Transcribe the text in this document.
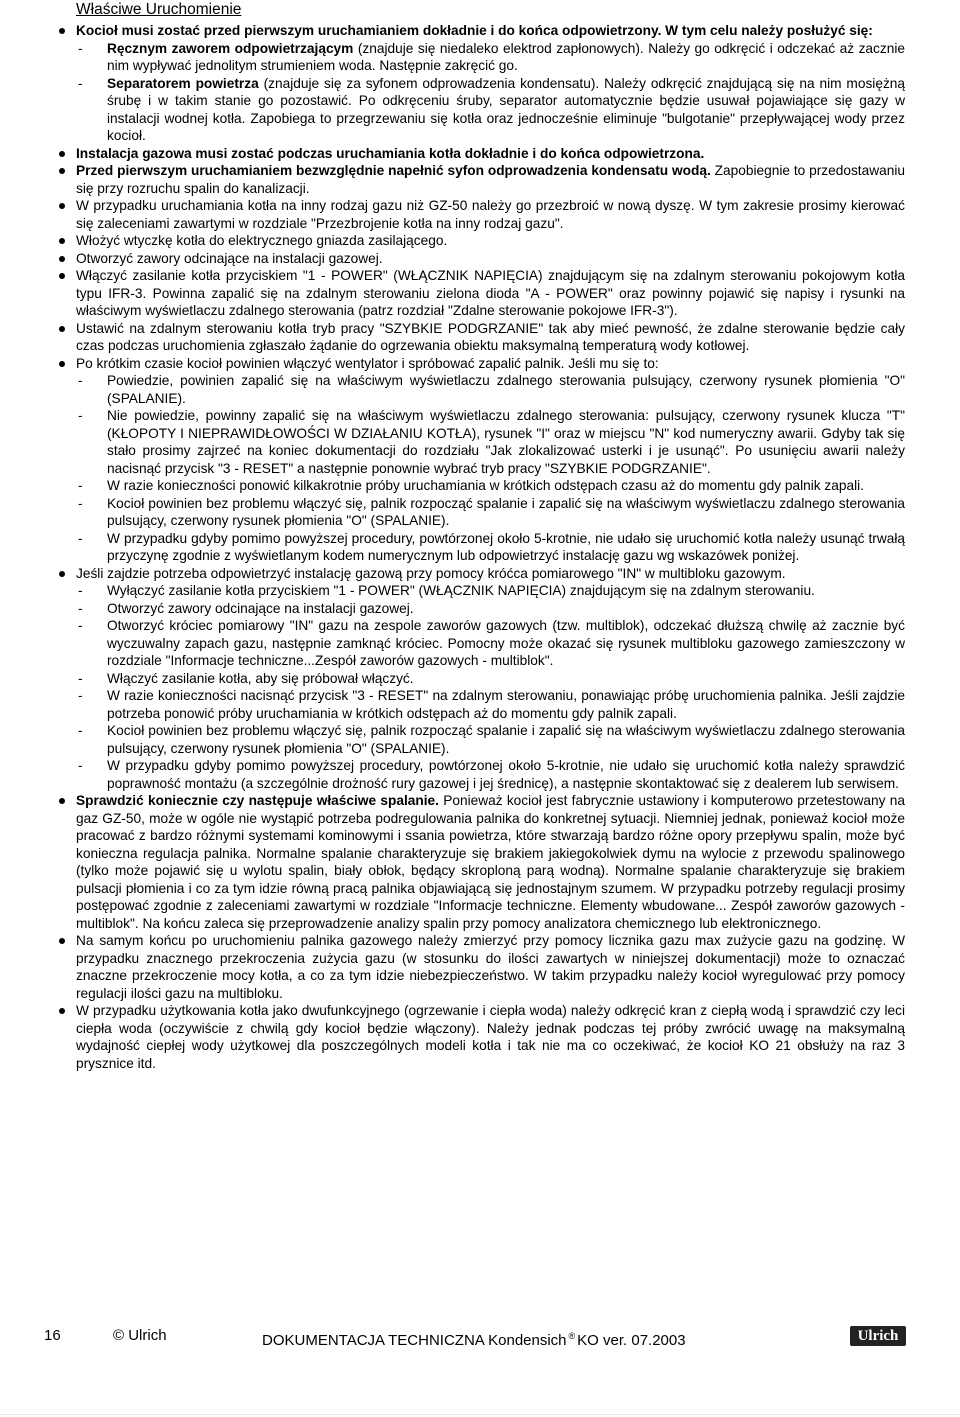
Właściwe Uruchomienie
Kocioł musi zostać przed pierwszym uruchamianiem dokładnie i do końca odpowietrzony. W tym celu należy posłużyć się:
- Ręcznym zaworem odpowietrzającym (znajduje się niedaleko elektrod zapłonowych). Należy go odkręcić i odczekać aż zacznie nim wypływać jednolitym strumieniem woda. Następnie zakręcić go.
- Separatorem powietrza (znajduje się za syfonem odprowadzenia kondensatu). Należy odkręcić znajdującą się na nim mosiężną śrubę i w takim stanie go pozostawić. Po odkręceniu śruby, separator automatycznie będzie usuwał pojawiające się gazy w instalacji wodnej kotła. Zapobiega to przegrzewaniu się kotła oraz jednocześnie eliminuje "bulgotanie" przepływającej wody przez kocioł.
Instalacja gazowa musi zostać podczas uruchamiania kotła dokładnie i do końca odpowietrzona.
Przed pierwszym uruchamianiem bezwzględnie napełnić syfon odprowadzenia kondensatu wodą. Zapobiegnie to przedostawaniu się przy rozruchu spalin do kanalizacji.
W przypadku uruchamiania kotła na inny rodzaj gazu niż GZ-50 należy go przezbroić w nową dyszę. W tym zakresie prosimy kierować się zaleceniami zawartymi w rozdziale "Przezbrojenie kotła na inny rodzaj gazu".
Włożyć wtyczkę kotła do elektrycznego gniazda zasilającego.
Otworzyć zawory odcinające na instalacji gazowej.
Włączyć zasilanie kotła przyciskiem "1 - POWER" (WŁĄCZNIK NAPIĘCIA) znajdującym się na zdalnym sterowaniu pokojowym kotła typu IFR-3. Powinna zapalić się na zdalnym sterowaniu zielona dioda "A - POWER" oraz powinny pojawić się napisy i rysunki na właściwym wyświetlaczu zdalnego sterowania (patrz rozdział "Zdalne sterowanie pokojowe IFR-3").
Ustawić na zdalnym sterowaniu kotła tryb pracy "SZYBKIE PODGRZANIE" tak aby mieć pewność, że zdalne sterowanie będzie cały czas podczas uruchomienia zgłaszało żądanie do ogrzewania obiektu maksymalną temperaturą wody kotłowej.
Po krótkim czasie kocioł powinien włączyć wentylator i spróbować zapalić palnik. Jeśli mu się to:
- Powiedzie, powinien zapalić się na właściwym wyświetlaczu zdalnego sterowania pulsujący, czerwony rysunek płomienia "O" (SPALANIE).
- Nie powiedzie, powinny zapalić się na właściwym wyświetlaczu zdalnego sterowania: pulsujący, czerwony rysunek klucza "T" (KŁOPOTY I NIEPRAWIDŁOWOŚCI W DZIAŁANIU KOTŁA), rysunek "I" oraz w miejscu "N" kod numeryczny awarii. Gdyby tak się stało prosimy zajrzeć na koniec dokumentacji do rozdziału "Jak zlokalizować usterki i je usunąć". Po usunięciu awarii należy nacisnąć przycisk "3 - RESET" a następnie ponownie wybrać tryb pracy "SZYBKIE PODGRZANIE".
- W razie konieczności ponowić kilkakrotnie próby uruchamiania w krótkich odstępach czasu aż do momentu gdy palnik zapali.
- Kocioł powinien bez problemu włączyć się, palnik rozpocząć spalanie i zapalić się na właściwym wyświetlaczu zdalnego sterowania pulsujący, czerwony rysunek płomienia "O" (SPALANIE).
- W przypadku gdyby pomimo powyższej procedury, powtórzonej około 5-krotnie, nie udało się uruchomić kotła należy usunąć trwałą przyczynę zgodnie z wyświetlanym kodem numerycznym lub odpowietrzyć instalację gazu wg wskazówek poniżej.
Jeśli zajdzie potrzeba odpowietrzyć instalację gazową przy pomocy króćca pomiarowego "IN" w multibloku gazowym.
- Wyłączyć zasilanie kotła przyciskiem "1 - POWER" (WŁĄCZNIK NAPIĘCIA) znajdującym się na zdalnym sterowaniu.
- Otworzyć zawory odcinające na instalacji gazowej.
- Otworzyć króciec pomiarowy "IN" gazu na zespole zaworów gazowych (tzw. multiblok), odczekać dłuższą chwilę aż zacznie być wyczuwalny zapach gazu, następnie zamknąć króciec. Pomocny może okazać się rysunek multibloku gazowego zamieszczony w rozdziale "Informacje techniczne...Zespół zaworów gazowych - multiblok".
- Włączyć zasilanie kotła, aby się próbował włączyć.
- W razie konieczności nacisnąć przycisk "3 - RESET" na zdalnym sterowaniu, ponawiając próbę uruchomienia palnika. Jeśli zajdzie potrzeba ponowić próby uruchamiania w krótkich odstępach aż do momentu gdy palnik zapali.
- Kocioł powinien bez problemu włączyć się, palnik rozpocząć spalanie i zapalić się na właściwym wyświetlaczu zdalnego sterowania pulsujący, czerwony rysunek płomienia "O" (SPALANIE).
- W przypadku gdyby pomimo powyższej procedury, powtórzonej około 5-krotnie, nie udało się uruchomić kotła należy sprawdzić poprawność montażu (a szczególnie drożność rury gazowej i jej średnicę), a następnie skontaktować się z dealerem lub serwisem.
Sprawdzić koniecznie czy następuje właściwe spalanie. Ponieważ kocioł jest fabrycznie ustawiony i komputerowo przetestowany na gaz GZ-50, może w ogóle nie wystąpić potrzeba podregulowania palnika do konkretnej sytuacji. Niemniej jednak, ponieważ kocioł może pracować z bardzo różnymi systemami kominowymi i ssania powietrza, które stwarzają bardzo różne opory przepływu spalin, może być konieczna regulacja palnika. Normalne spalanie charakteryzuje się brakiem jakiegokolwiek dymu na wylocie z przewodu spalinowego (tylko może pojawić się u wylotu spalin, biały obłok, będący skroploną parą wodną). Normalne spalanie charakteryzuje się brakiem pulsacji płomienia i co za tym idzie równą pracą palnika objawiającą się jednostajnym szumem. W przypadku potrzeby regulacji prosimy postępować zgodnie z zaleceniami zawartymi w rozdziale "Informacje techniczne. Elementy wbudowane... Zespół zaworów gazowych - multiblok". Na końcu zaleca się przeprowadzenie analizy spalin przy pomocy analizatora chemicznego lub elektronicznego.
Na samym końcu po uruchomieniu palnika gazowego należy zmierzyć przy pomocy licznika gazu max zużycie gazu na godzinę. W przypadku znacznego przekroczenia zużycia gazu (w stosunku do ilości zawartych w niniejszej dokumentacji) może to oznaczać znaczne przekroczenie mocy kotła, a co za tym idzie niebezpieczeństwo. W takim przypadku należy kocioł wyregulować przy pomocy regulacji ilości gazu na multibloku.
W przypadku użytkowania kotła jako dwufunkcyjnego (ogrzewanie i ciepła woda) należy odkręcić kran z ciepłą wodą i sprawdzić czy leci ciepła woda (oczywiście z chwilą gdy kocioł będzie włączony). Należy jednak podczas tej próby zwrócić uwagę na maksymalną wydajność ciepłej wody użytkowej dla poszczególnych modeli kotła i tak nie ma co oczekiwać, że kocioł KO 21 obsłuży na raz 3 prysznice itd.
16	© Ulrich	DOKUMENTACJA TECHNICZNA Kondensich ® KO ver. 07.2003	Ulrich
